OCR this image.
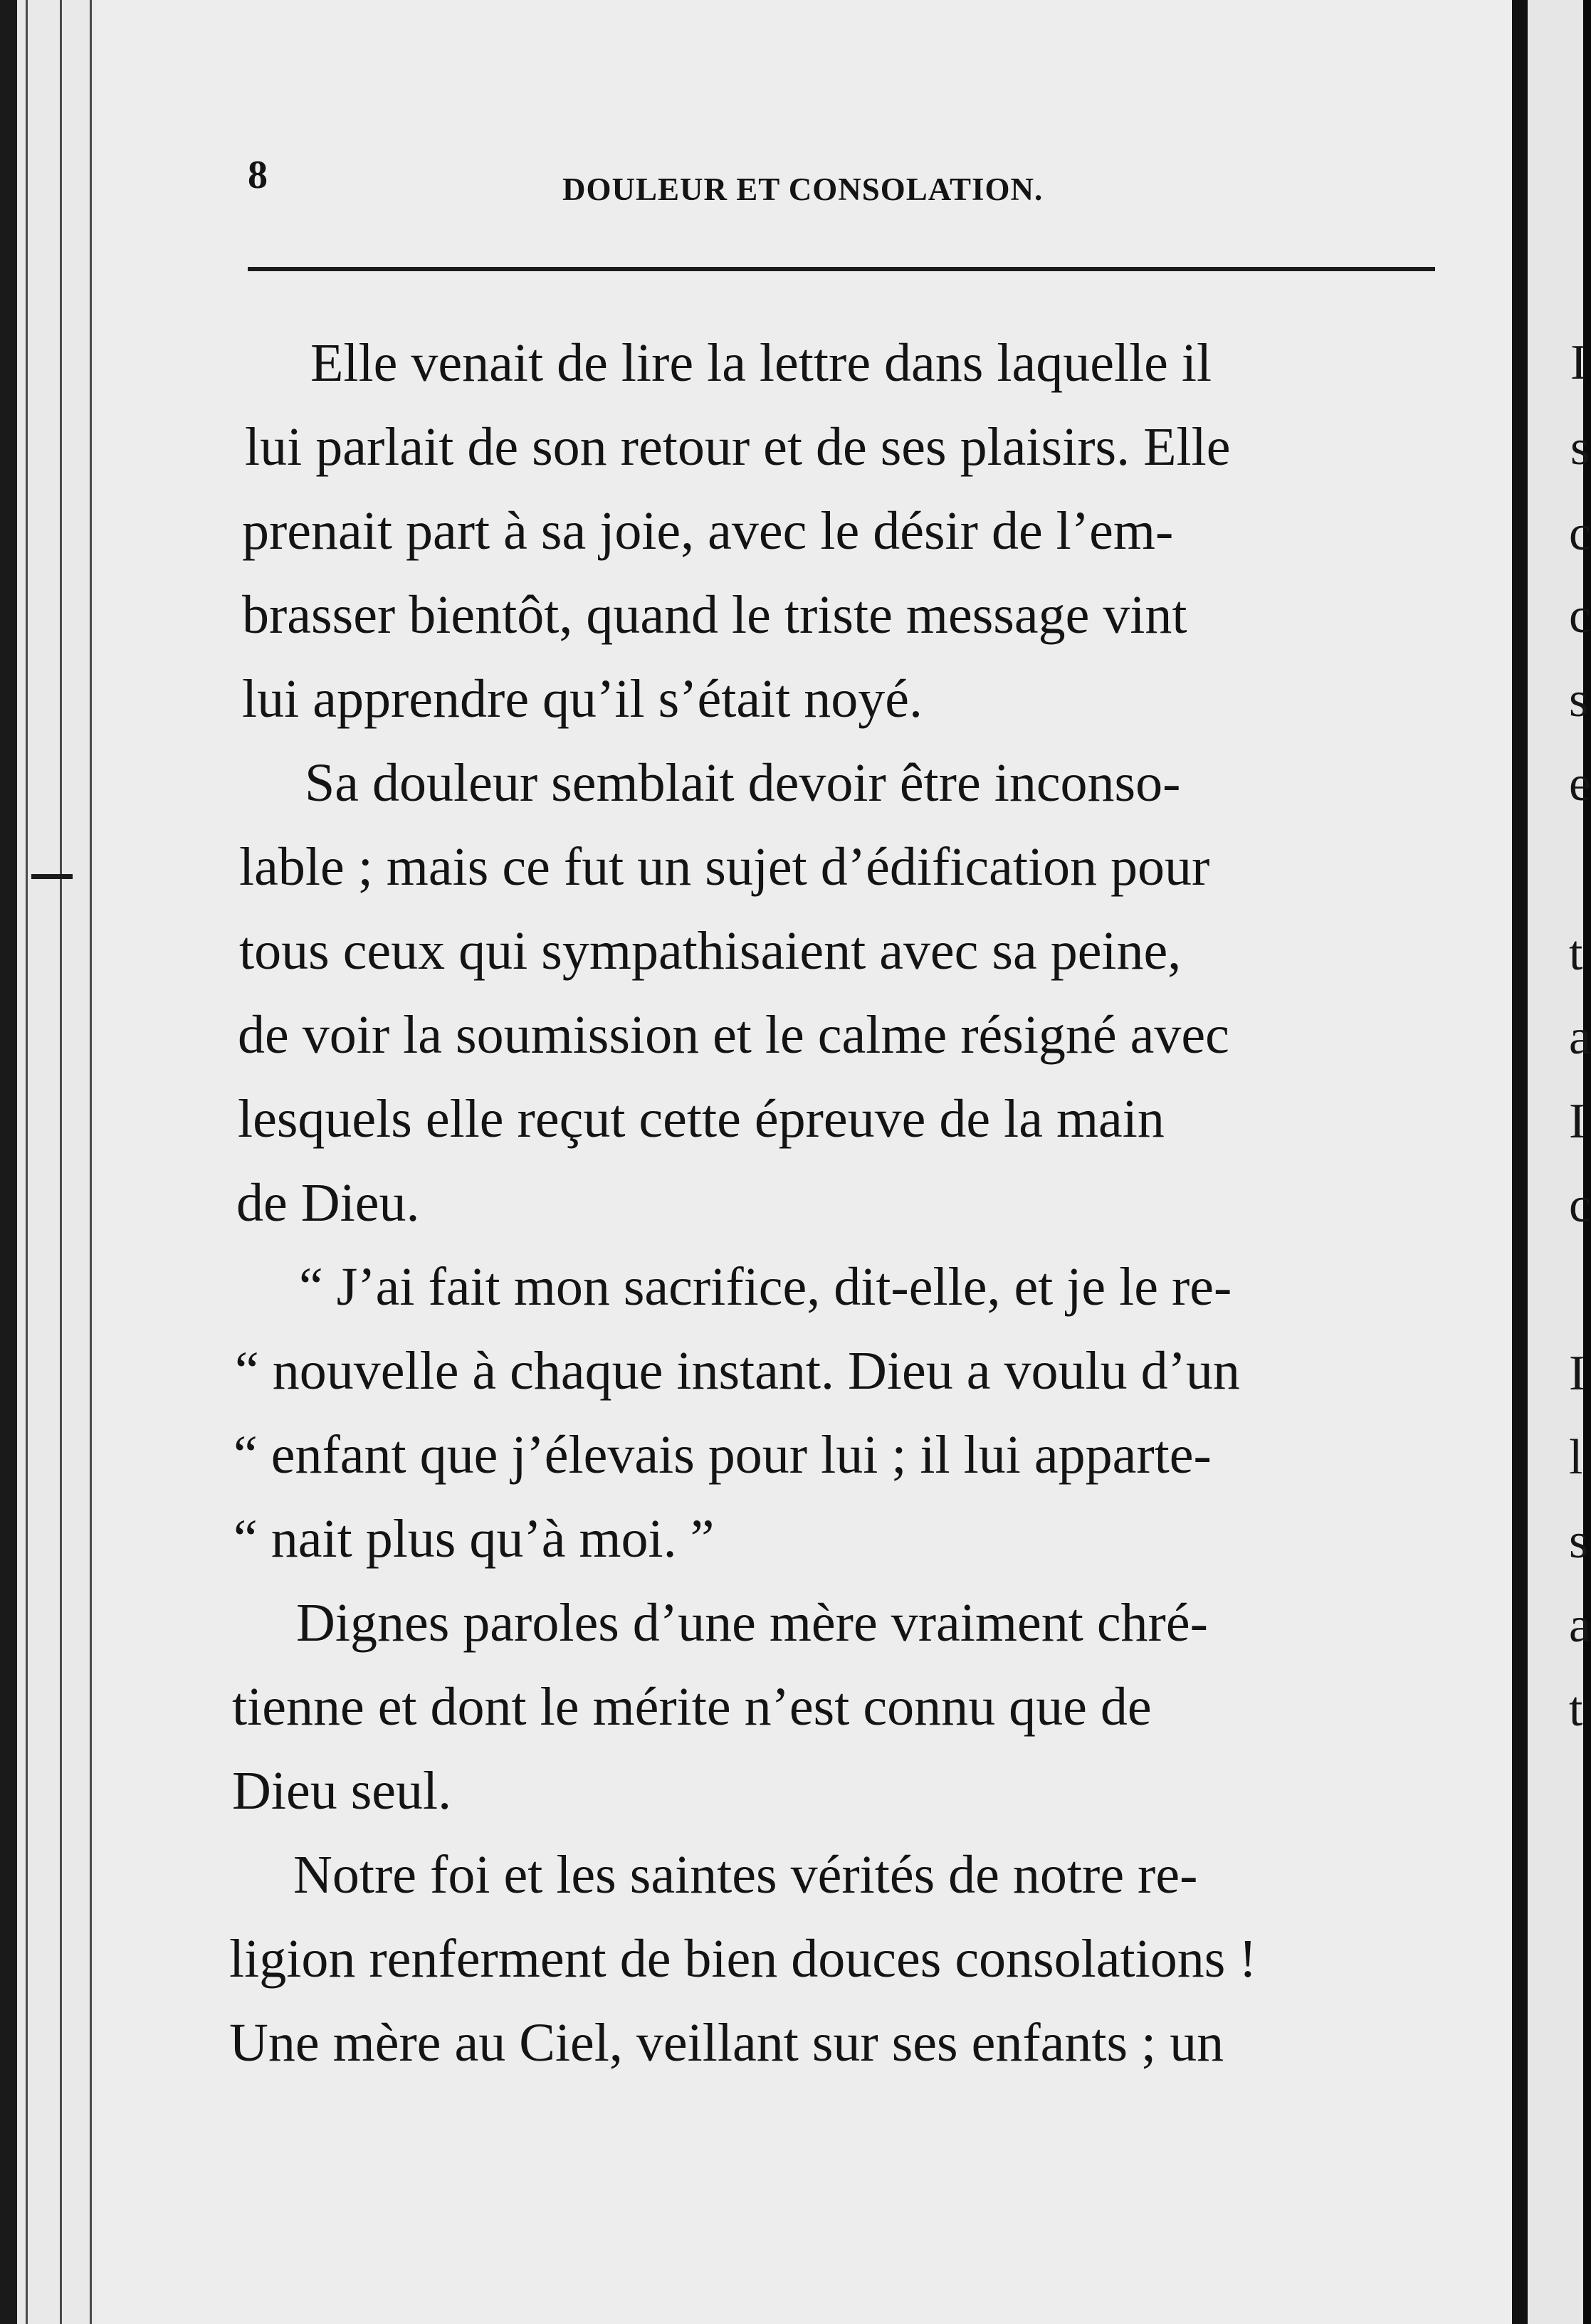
8	DOULEUR ET CONSOLATION.
Elle venait de lire la lettre dans laquelle il
lui parlait de son retour et de ses plaisirs. Elle
prenait part à sa joie, avec le désir de l’em-
brasser bientôt, quand le triste message vint
lui apprendre qu’il s’était noyé.
Sa douleur semblait devoir être inconso-
lable ; mais ce fut un sujet d’édification pour
tous ceux qui sympathisaient avec sa peine,
de voir la soumission et le calme résigné avec
lesquels elle reçut cette épreuve de la main
de Dieu.
“ J’ai fait mon sacrifice, dit-elle, et je le re-
“ nouvelle à chaque instant. Dieu a voulu d’un
“ enfant que j’élevais pour lui ; il lui apparte-
“ nait plus qu’à moi. ”
Dignes paroles d’une mère vraiment chré-
tienne et dont le mérite n’est connu que de
Dieu seul.
Notre foi et les saintes vérités de notre re-
ligion renferment de bien douces consolations !
Une mère au Ciel, veillant sur ses enfants ; un
I
s
c
c
s
e
t
a
I
c
I
l
s
a
t
